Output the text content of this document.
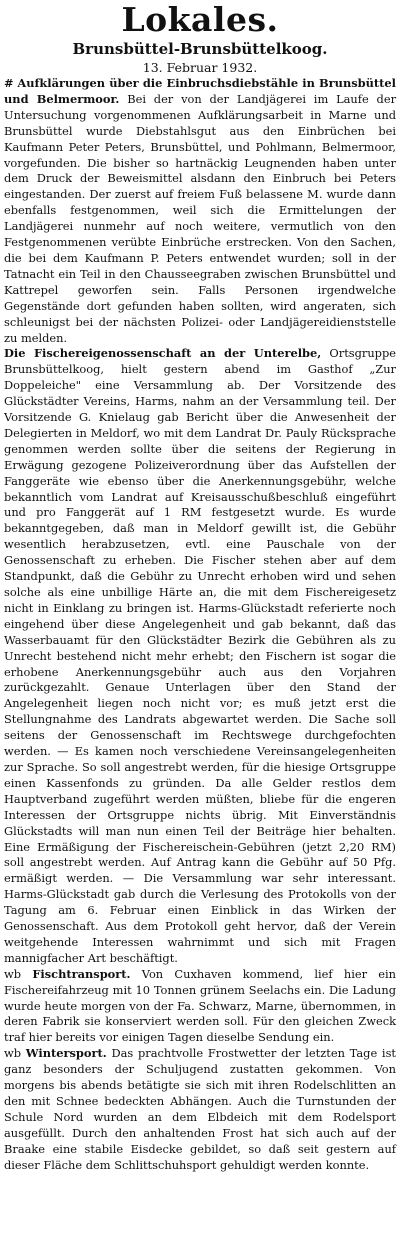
Lokales.
Brunsbüttel-Brunsbüttelkoog.
13. Februar 1932.

# Aufklärungen über die Einbruchsdiebstähle in Brunsbüttel und Belmermoor. Bei der von der Landjägerei im Laufe der Untersuchung vorgenommenen Aufklärungsarbeit in Marne und Brunsbüttel wurde Diebstahlsgut aus den Einbrüchen bei Kaufmann Peter Peters, Brunsbüttel, und Pohlmann, Belmermoor, vorgefunden. Die bisher so hartnäckig Leugnenden haben unter dem Druck der Beweismittel alsdann den Einbruch bei Peters eingestanden. Der zuerst auf freiem Fuß belassene M. wurde dann ebenfalls festgenommen, weil sich die Ermittelungen der Landjägerei nunmehr auf noch weitere, vermutlich von den Festgenommenen verübte Einbrüche erstrecken. Von den Sachen, die bei dem Kaufmann P. Peters entwendet wurden; soll in der Tatnacht ein Teil in den Chausseegraben zwischen Brunsbüttel und Kattrepel geworfen sein. Falls Personen irgendwelche Gegenstände dort gefunden haben sollten, wird angeraten, sich schleunigst bei der nächsten Polizei- oder Landjägereidienststelle zu melden.

Die Fischereigenossenschaft an der Unterelbe, Ortsgruppe Brunsbüttelkoog, hielt gestern abend im Gasthof „Zur Doppeleiche" eine Versammlung ab. Der Vorsitzende des Glückstädter Vereins, Harms, nahm an der Versammlung teil. Der Vorsitzende G. Knielaug gab Bericht über die Anwesenheit der Delegierten in Meldorf, wo mit dem Landrat Dr. Pauly Rücksprache genommen werden sollte über die seitens der Regierung in Erwägung gezogene Polizeiverordnung über das Aufstellen der Fanggeräte wie ebenso über die Anerkennungsgebühr, welche bekanntlich vom Landrat auf Kreisausschußbeschluß eingeführt und pro Fanggerät auf 1 RM festgesetzt wurde. Es wurde bekanntgegeben, daß man in Meldorf gewillt ist, die Gebühr wesentlich herabzusetzen, evtl. eine Pauschale von der Genossenschaft zu erheben. Die Fischer stehen aber auf dem Standpunkt, daß die Gebühr zu Unrecht erhoben wird und sehen solche als eine unbillige Härte an, die mit dem Fischereigesetz nicht in Einklang zu bringen ist. Harms-Glückstadt referierte noch eingehend über diese Angelegenheit und gab bekannt, daß das Wasserbauamt für den Glückstädter Bezirk die Gebühren als zu Unrecht bestehend nicht mehr erhebt; den Fischern ist sogar die erhobene Anerkennungsgebühr auch aus den Vorjahren zurückgezahlt. Genaue Unterlagen über den Stand der Angelegenheit liegen noch nicht vor; es muß jetzt erst die Stellungnahme des Landrats abgewartet werden. Die Sache soll seitens der Genossenschaft im Rechtswege durchgefochten werden. — Es kamen noch verschiedene Vereinsangelegenheiten zur Sprache. So soll angestrebt werden, für die hiesige Ortsgruppe einen Kassenfonds zu gründen. Da alle Gelder restlos dem Hauptverband zugeführt werden müßten, bliebe für die engeren Interessen der Ortsgruppe nichts übrig. Mit Einverständnis Glückstadts will man nun einen Teil der Beiträge hier behalten. Eine Ermäßigung der Fischereischein-Gebühren (jetzt 2,20 RM) soll angestrebt werden. Auf Antrag kann die Gebühr auf 50 Pfg. ermäßigt werden. — Die Versammlung war sehr interessant. Harms-Glückstadt gab durch die Verlesung des Protokolls von der Tagung am 6. Februar einen Einblick in das Wirken der Genossenschaft. Aus dem Protokoll geht hervor, daß der Verein weitgehende Interessen wahrnimmt und sich mit Fragen mannigfacher Art beschäftigt.

wb Fischtransport. Von Cuxhaven kommend, lief hier ein Fischereifahrzeug mit 10 Tonnen grünem Seelachs ein. Die Ladung wurde heute morgen von der Fa. Schwarz, Marne, übernommen, in deren Fabrik sie konserviert werden soll. Für den gleichen Zweck traf hier bereits vor einigen Tagen dieselbe Sendung ein.

wb Wintersport. Das prachtvolle Frostwetter der letzten Tage ist ganz besonders der Schuljugend zustatten gekommen. Von morgens bis abends betätigte sie sich mit ihren Rodelschlitten an den mit Schnee bedeckten Abhängen. Auch die Turnstunden der Schule Nord wurden an dem Elbdeich mit dem Rodelsport ausgefüllt. Durch den anhaltenden Frost hat sich auch auf der Braake eine stabile Eisdecke gebildet, so daß seit gestern auf dieser Fläche dem Schlittschuhsport gehuldigt werden konnte.
